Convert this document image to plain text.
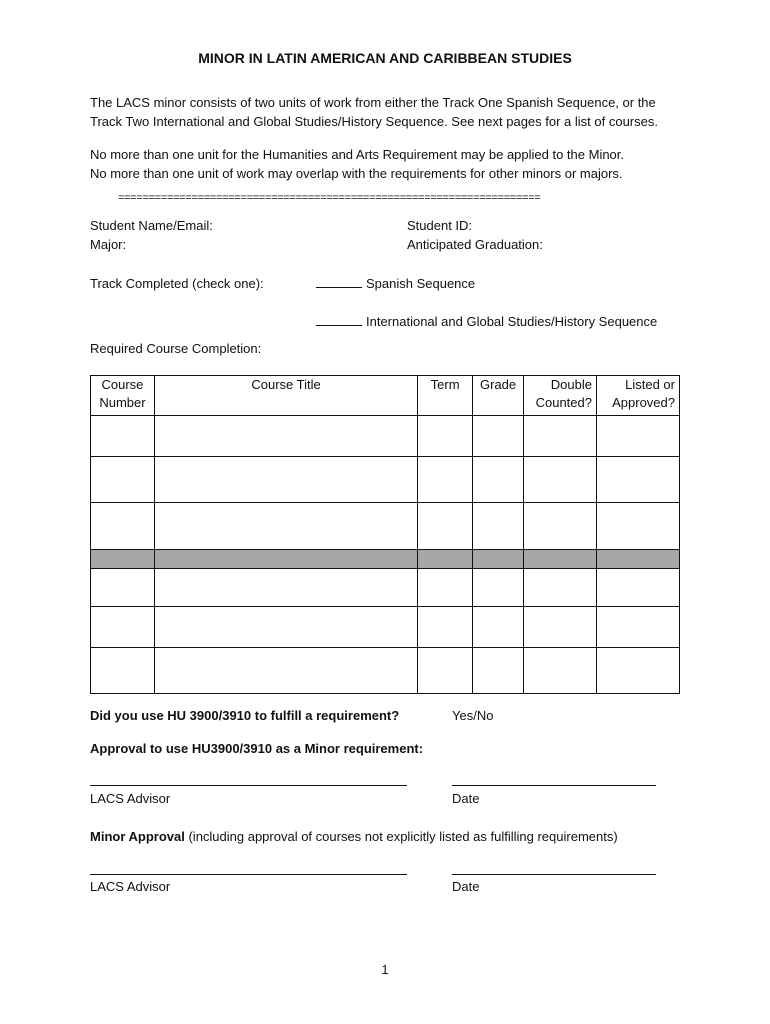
MINOR IN LATIN AMERICAN AND CARIBBEAN STUDIES
The LACS minor consists of two units of work from either the Track One Spanish Sequence, or the
Track Two International and Global Studies/History Sequence. See next pages for a list of courses.
No more than one unit for the Humanities and Arts Requirement may be applied to the Minor.
No more than one unit of work may overlap with the requirements for other minors or majors.
=====================================================================
Student Name/Email:	Student ID:
Major:	Anticipated Graduation:
Track Completed (check one):	Spanish Sequence
International and Global Studies/History Sequence
Required Course Completion:
Course Number	Course Title	Term	Grade	Double Counted?	Listed or Approved?

Did you use HU 3900/3910 to fulfill a requirement?	Yes/No
Approval to use HU3900/3910 as a Minor requirement:
LACS Advisor	Date
Minor Approval (including approval of courses not explicitly listed as fulfilling requirements)
LACS Advisor	Date
1
